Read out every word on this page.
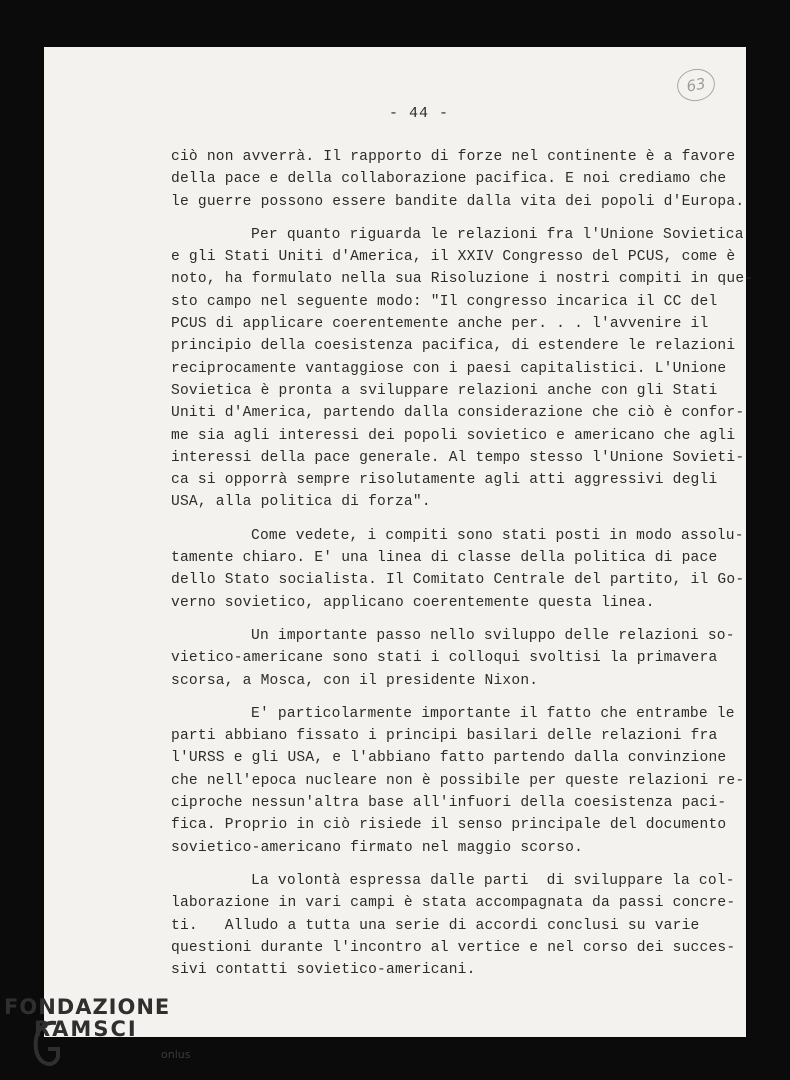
63
- 44 -
ciò non avverrà. Il rapporto di forze nel continente è a favore
della pace e della collaborazione pacifica. E noi crediamo che
le guerre possono essere bandite dalla vita dei popoli d'Europa.
Per quanto riguarda le relazioni fra l'Unione Sovietica
e gli Stati Uniti d'America, il XXIV Congresso del PCUS, come è
noto, ha formulato nella sua Risoluzione i nostri compiti in que-
sto campo nel seguente modo: "Il congresso incarica il CC del
PCUS di applicare coerentemente anche per. . . l'avvenire il
principio della coesistenza pacifica, di estendere le relazioni
reciprocamente vantaggiose con i paesi capitalistici. L'Unione
Sovietica è pronta a sviluppare relazioni anche con gli Stati
Uniti d'America, partendo dalla considerazione che ciò è confor-
me sia agli interessi dei popoli sovietico e americano che agli
interessi della pace generale. Al tempo stesso l'Unione Sovieti-
ca si opporrà sempre risolutamente agli atti aggressivi degli
USA, alla politica di forza".
Come vedete, i compiti sono stati posti in modo assolu-
tamente chiaro. E' una linea di classe della politica di pace
dello Stato socialista. Il Comitato Centrale del partito, il Go-
verno sovietico, applicano coerentemente questa linea.
Un importante passo nello sviluppo delle relazioni so-
vietico-americane sono stati i colloqui svoltisi la primavera
scorsa, a Mosca, con il presidente Nixon.
E' particolarmente importante il fatto che entrambe le
parti abbiano fissato i principi basilari delle relazioni fra
l'URSS e gli USA, e l'abbiano fatto partendo dalla convinzione
che nell'epoca nucleare non è possibile per queste relazioni re-
ciproche nessun'altra base all'infuori della coesistenza paci-
fica. Proprio in ciò risiede il senso principale del documento
sovietico-americano firmato nel maggio scorso.
La volontà espressa dalle parti  di sviluppare la col-
laborazione in vari campi è stata accompagnata da passi concre-
ti.   Alludo a tutta una serie di accordi conclusi su varie
questioni durante l'incontro al vertice e nel corso dei succes-
sivi contatti sovietico-americani.
FONDAZIONE
RAMSCI
onlus
